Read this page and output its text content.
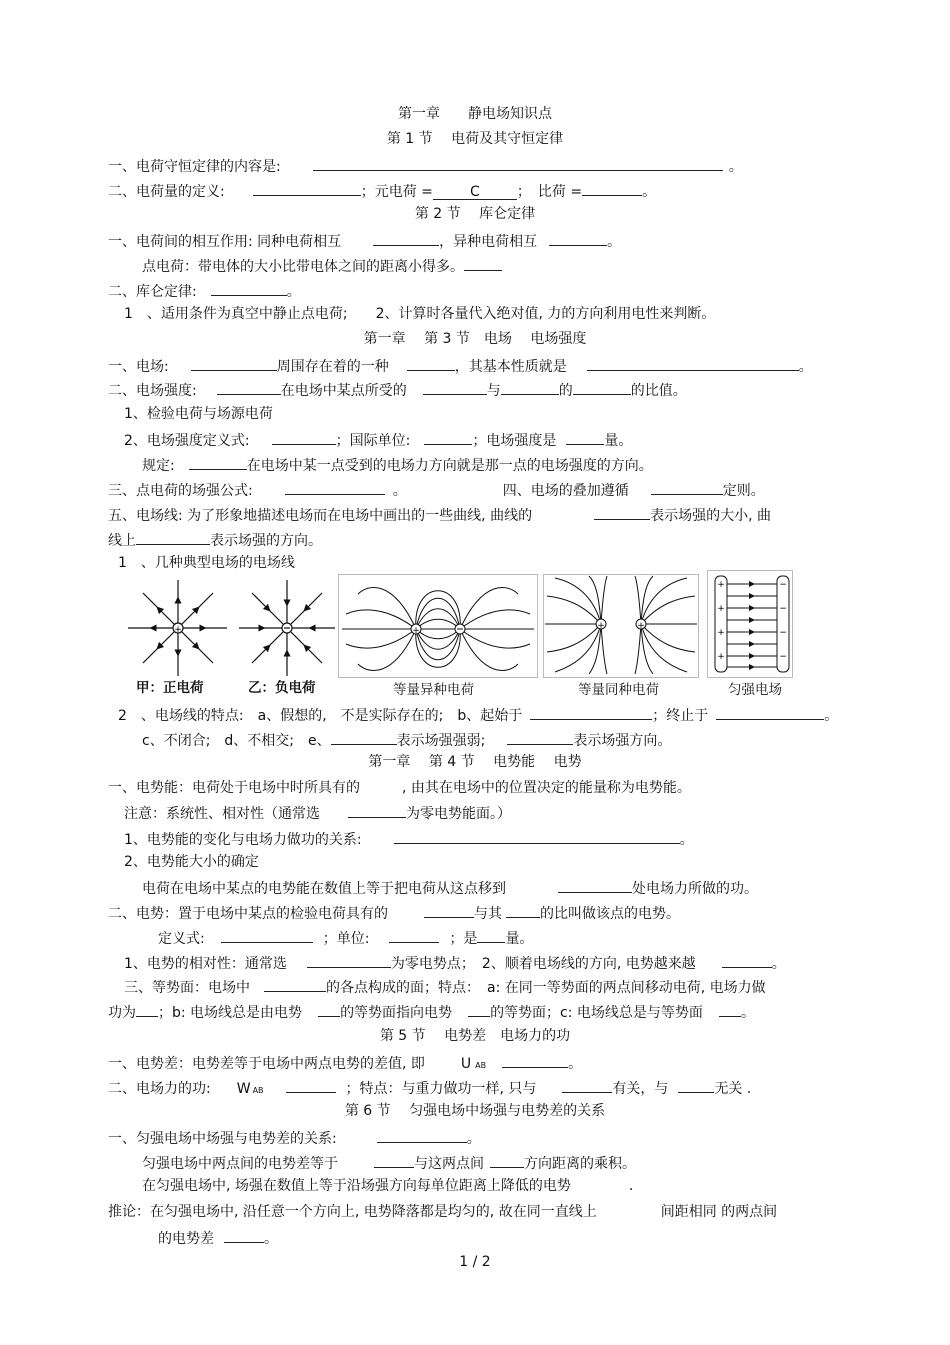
第一章　　静电场知识点
第 1 节　 电荷及其守恒定律
一、电荷守恒定律的内容是:	。
二、电荷量的定义:	；元电荷 =	C	；　比荷 =	。
第 2 节　 库仑定律
一、电荷间的相互作用: 同种电荷相互	，异种电荷相互	。
点电荷：带电体的大小比带电体之间的距离小得多。
二、库仑定律:	。
1　、适用条件为真空中静止点电荷;　　2、计算时各量代入绝对值, 力的方向利用电性来判断。
第一章　 第 3 节　电场　 电场强度
一、电场:	周围存在着的一种	，其基本性质就是	。
二、电场强度:	在电场中某点所受的	与	的	的比值。
1、检验电荷与场源电荷
2、电场强度定义式:	；国际单位:	；电场强度是	量。
规定:	在电场中某一点受到的电场力方向就是那一点的电场强度的方向。
三、点电荷的场强公式:	。	四、电场的叠加遵循	定则。
五、电场线: 为了形象地描述电场而在电场中画出的一些曲线, 曲线的	表示场强的大小, 曲
线上	表示场强的方向。
1　、几种典型电场的电场线
+
甲：正电荷	乙：负电荷
+
等量异种电荷
+	+
等量同种电荷
+
+
+
+
−
−
−
−
匀强电场
2　、电场线的特点:　a、假想的,　不是实际存在的;　b、起始于	；终止于	。
c、不闭合;　d、不相交;　e、	表示场强强弱;	表示场强方向。
第一章　 第 4 节　 电势能　 电势
一、电势能：电荷处于电场中时所具有的　　　, 由其在电场中的位置决定的能量称为电势能。
注意：系统性、相对性（通常选	为零电势能面。）
1、电势能的变化与电场力做功的关系:	。
2、电势能大小的确定
电荷在电场中某点的电势能在数值上等于把电荷从这点移到	处电场力所做的功。
二、电势：置于电场中某点的检验电荷具有的	与其	的比叫做该点的电势。
定义式:	；单位:	；是 量。
1、电势的相对性：通常选	为零电势点；　2、顺着电场线的方向, 电势越来越	。
三、等势面：电场中	的各点构成的面；特点：　a: 在同一等势面的两点间移动电荷, 电场力做
功为 ；b: 电场线总是由电势	的等势面指向电势	的等势面；c: 电场线总是与等势面	。
第 5 节　 电势差　电场力的功
一、电势差：电势差等于电场中两点电势的差值, 即	U AB	。
二、电场力的功: W AB	；特点：与重力做功一样, 只与	有关，与	无关 .
第 6 节　 匀强电场中场强与电势差的关系
一、匀强电场中场强与电势差的关系:	。
匀强电场中两点间的电势差等于	与这两点间	方向距离的乘积。
在匀强电场中, 场强在数值上等于沿场强方向每单位距离上降低的电势	.
推论：在匀强电场中, 沿任意一个方向上, 电势降落都是均匀的, 故在同一直线上	间距相同 的两点间
的电势差	。
1 / 2
